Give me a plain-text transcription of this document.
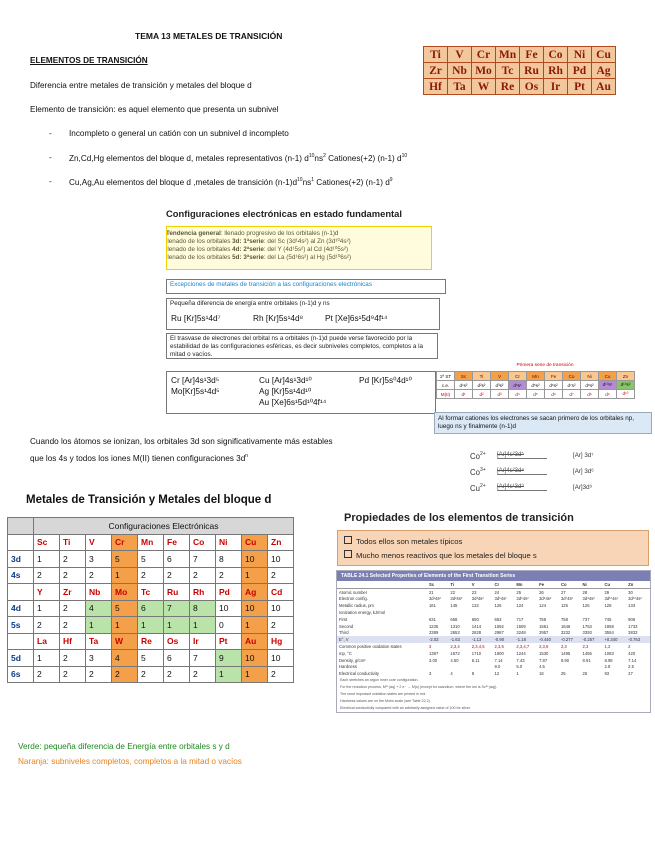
TEMA 13 METALES DE TRANSICIÓN
ELEMENTOS DE TRANSICIÓN
Diferencia entre metales de transición y metales del bloque d
Elemento de transición: es aquel elemento que presenta un subnivel
- Incompleto o general un catión con un subnivel d incompleto
- Zn,Cd,Hg elementos del bloque d, metales representativos (n-1) $d^{10}ns^2$ Cationes(+2) (n-1) $d^{10}$
- Cu,Ag,Au elementos del bloque d ,metales de transición $(n-1)d^{10}ns^1$ Cationes(+2) (n-1) $d^9$
Ti	V	Cr	Mn	Fe	Co	Ni	Cu
Zr	Nb	Mo	Tc	Ru	Rh	Pd	Ag
Hf	Ta	W	Re	Os	Ir	Pt	Au
Configuraciones electrónicas en estado fundamental
Tendencia general: llenado progresivo de los orbitales (n-1)d
llenado de los orbitales 3d: 1ªserie: del Sc (3d¹4s²) al Zn (3d¹⁰4s²)
llenado de los orbitales 4d: 2ªserie: del Y (4d¹5s²) al Cd (4d¹⁰5s²)
llenado de los orbitales 5d: 3ªserie: del La (5d¹6s²) al Hg (5d¹⁰6s²)
Excepciones de metales de transición a las configuraciones electrónicas
Pequeña diferencia de energía entre orbitales (n-1)d y ns
Ru [Kr]5s¹4d⁷	Rh [Kr]5s¹4d⁸	Pt [Xe]6s¹5d⁹4f¹⁴
El trasvase de electrones del orbital ns a orbitales (n-1)d puede verse favorecido por la estabilidad de las configuraciones esféricas, es decir subniveles completos, completos a la mitad o vacíos.
Cr [Ar]4s¹3d⁵	Cu [Ar]4s¹3d¹⁰	Pd [Kr]5s⁰4d¹⁰
Mo[Kr]5s¹4d⁵	Ag [Kr]5s¹4d¹⁰
Au [Xe]6s¹5d¹⁰4f¹⁴
Primera serie de transición
1ª ST	Sc	Ti	V	Cr	Mn	Fe	Co	Ni	Cu	Zn
c.e.	d¹s²	d²s²	d³s²	d⁵s¹	d⁵s²	d⁶s²	d⁷s²	d⁸s²	d¹⁰s¹	d¹⁰s²
M(II)	d¹	d²	d³	d⁴	d⁵	d⁶	d⁷	d⁸	d⁹	d¹⁰
Al formar cationes los electrones se sacan primero de los orbitales np, luego ns y finalmente (n-1)d
Cuando los átomos se ionizan, los orbitales 3d son significativamente más estables
que los 4s y todos los iones M(II) tienen configuraciones $3d^n$	$Co^{2+}$ [Ar]4s²3d⁵	[Ar] 3d⁷
$Co^{3+}$ [Ar]4s²3d⁴	[Ar] 3d⁶
$Cu^{2+}$ [Ar]4s¹3d⁹	[Ar]3d⁹
Metales de Transición y Metales del bloque d
	Configuraciones Electrónicas									
	Sc	Ti	V	Cr	Mn	Fe	Co	Ni	Cu	Zn
3d	1	2	3	5	5	6	7	8	10	10
4s	2	2	2	1	2	2	2	2	1	2
	Y	Zr	Nb	Mo	Tc	Ru	Rh	Pd	Ag	Cd
4d	1	2	4	5	6	7	8	10	10	10
5s	2	2	1	1	1	1	1	0	1	2
	La	Hf	Ta	W	Re	Os	Ir	Pt	Au	Hg
5d	1	2	3	4	5	6	7	9	10	10
6s	2	2	2	2	2	2	2	1	1	2
Verde: pequeña diferencia de Energía entre orbitales s y d
Naranja: subniveles completos, completos a la mitad o vacíos
Propiedades de los elementos de transición
Todos ellos son metales típicos
Mucho menos reactivos que los metales del bloque s
TABLE 24.1 Selected Properties of Elements of the First Transition Series
	Sc	Ti	V	Cr	Mn	Fe	Co	Ni	Cu	Zn
Atomic number	21	22	23	24	25	26	27	28	29	30
Electron config.	3d¹4s²	3d²4s²	3d³4s²	3d⁵4s¹	3d⁵4s²	3d⁶4s²	3d⁷4s²	3d⁸4s²	3d¹⁰4s¹	3d¹⁰4s²
Metallic radius, pm	161	145	132	125	124	124	125	125	128	133
Ionization energy, kJ/mol										
First	631	658	650	653	717	759	758	737	745	906
Second	1235	1310	1414	1592	1509	1561	1646	1753	1958	1733
Third	2389	2653	2828	2987	3248	2957	3232	3393	3554	3833
E°, V	-2.03	-1.63	-1.13	-0.90	-1.18	-0.440	-0.277	-0.257	+0.340	-0.763
Common positive oxidation states	3	2,3,4	2,3,4,5	2,3,6	2,3,4,7	2,3,6	2,3	2,3	1,2	2
mp, °C	1397	1672	1710	1900	1244	1530	1495	1455	1083	420
Density, g/cm³	3.00	4.50	6.11	7.14	7.43	7.87	8.90	8.91	8.95	7.14
Hardness				9.0	5.0	4.5			2.8	2.5
Electrical conductivity	3	4	8	12	1	16	25	25	93	27
Each stretches an argon inner core configuration.
For the reduction process, M²⁺(aq) + 2 e⁻ → M(s) (except for scandium, where the ion is Sc³⁺(aq)).
The most important oxidation states are printed in red.
Hardness values are on the Mohs scale (see Table 22.2).
Electrical conductivity compared with an arbitrarily assigned value of 100 for silver.
